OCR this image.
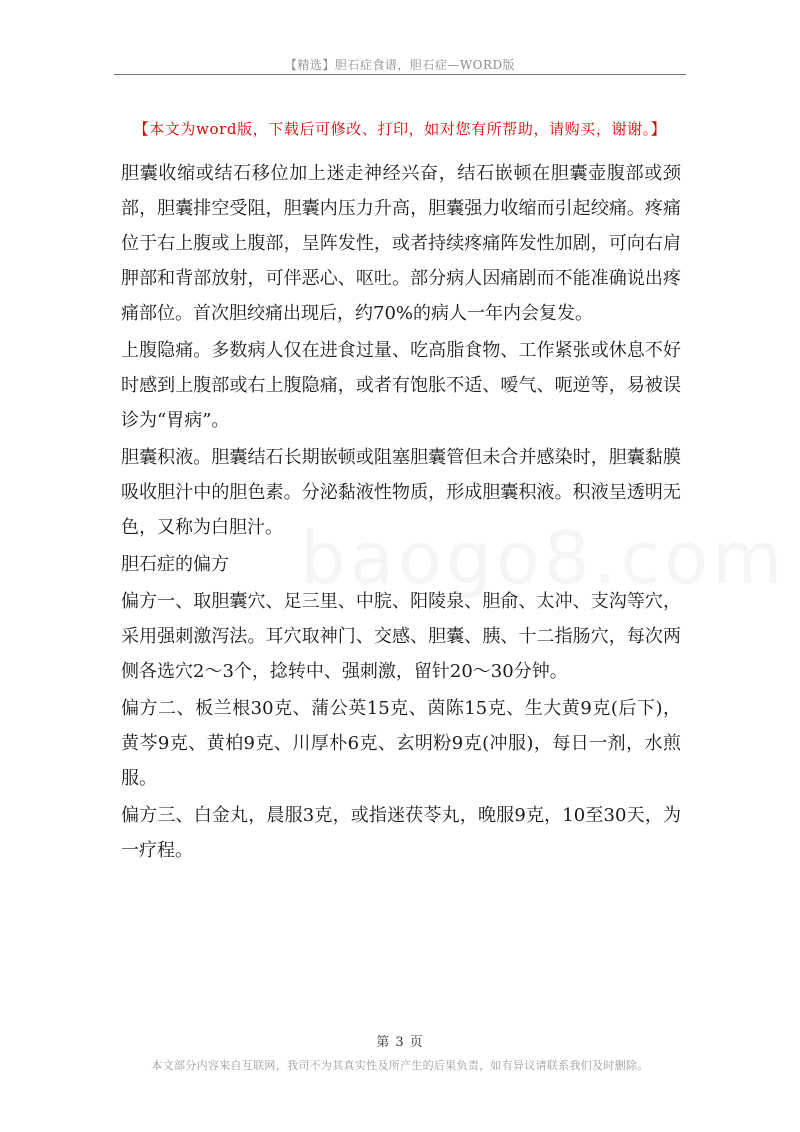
【精选】胆石症食谱，胆石症—WORD版
【本文为word版，下载后可修改、打印，如对您有所帮助，请购买，谢谢。】
baogo8.com

胆囊收缩或结石移位加上迷走神经兴奋，结石嵌顿在胆囊壶腹部或颈部，胆囊排空受阻，胆囊内压力升高，胆囊强力收缩而引起绞痛。疼痛位于右上腹或上腹部，呈阵发性，或者持续疼痛阵发性加剧，可向右肩胛部和背部放射，可伴恶心、呕吐。部分病人因痛剧而不能准确说出疼痛部位。首次胆绞痛出现后，约70%的病人一年内会复发。

上腹隐痛。多数病人仅在进食过量、吃高脂食物、工作紧张或休息不好时感到上腹部或右上腹隐痛，或者有饱胀不适、嗳气、呃逆等，易被误诊为“胃病”。

胆囊积液。胆囊结石长期嵌顿或阻塞胆囊管但未合并感染时，胆囊黏膜吸收胆汁中的胆色素。分泌黏液性物质，形成胆囊积液。积液呈透明无色，又称为白胆汁。

胆石症的偏方

偏方一、取胆囊穴、足三里、中脘、阳陵泉、胆俞、太冲、支沟等穴，采用强刺激泻法。耳穴取神门、交感、胆囊、胰、十二指肠穴，每次两侧各选穴2～3个，捻转中、强刺激，留针20～30分钟。

偏方二、板兰根30克、蒲公英15克、茵陈15克、生大黄9克(后下)，黄芩9克、黄柏9克、川厚朴6克、玄明粉9克(冲服)，每日一剂，水煎服。

偏方三、白金丸，晨服3克，或指迷茯苓丸，晚服9克，10至30天，为一疗程。

第 3 页
本文部分内容来自互联网，我司不为其真实性及所产生的后果负责，如有异议请联系我们及时删除。
